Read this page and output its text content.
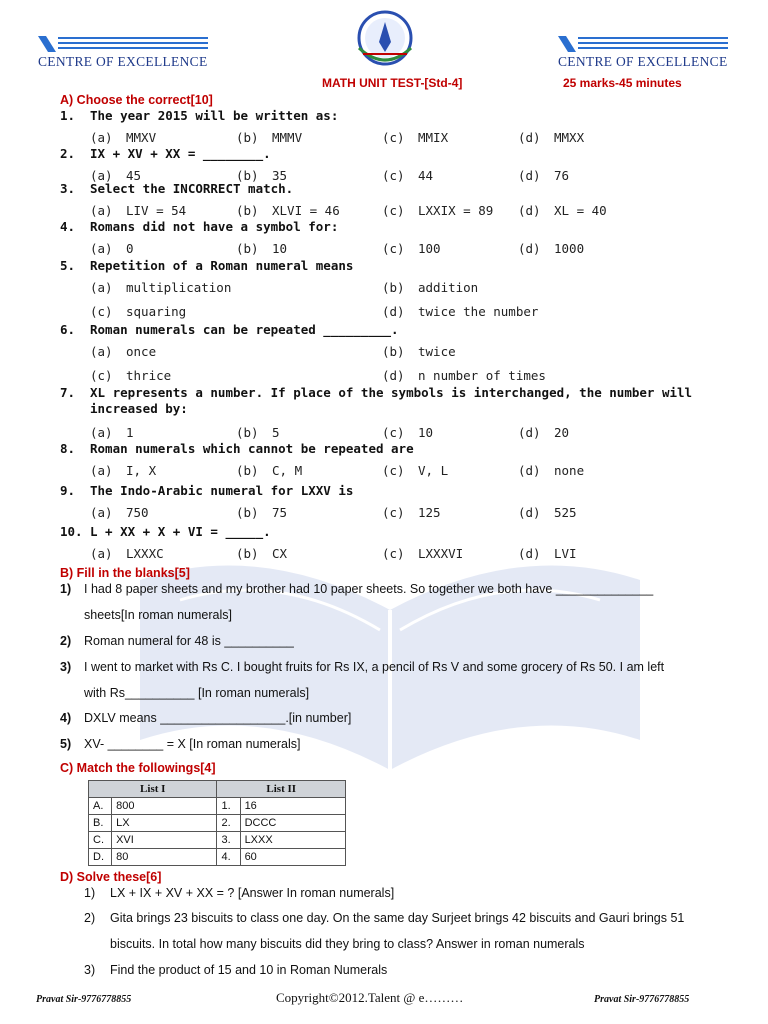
CENTRE OF EXCELLENCE	CENTRE OF EXCELLENCE
MATH UNIT TEST-[Std-4]	25 marks-45 minutes
A) Choose the correct[10]
1. The year 2015 will be written as:
(a) MMXV	(b) MMMV	(c) MMIX	(d) MMXX
2. IX + XV + XX = ________.
(a) 45	(b) 35	(c) 44	(d) 76
3. Select the INCORRECT match.
(a) LIV = 54	(b) XLVI = 46	(c) LXXIX = 89 (d) XL = 40
4. Romans did not have a symbol for:
(a) 0	(b) 10	(c) 100	(d) 1000
5. Repetition of a Roman numeral means
(a) multiplication	(b) addition
(c) squaring	(d) twice the number
6. Roman numerals can be repeated _________.
(a) once	(b) twice
(c) thrice	(d) n number of times
7. XL represents a number. If place of the symbols is interchanged, the number will
increased by:
(a) 1	(b) 5	(c) 10	(d) 20
8. Roman numerals which cannot be repeated are
(a) I, X	(b) C, M	(c) V, L	(d) none
9. The Indo-Arabic numeral for LXXV is
(a) 750	(b) 75	(c) 125	(d) 525
10. L + XX + X + VI = _____.
(a) LXXXC	(b) CX	(c) LXXXVI	(d) LVI
B) Fill in the blanks[5]
1) I had 8 paper sheets and my brother had 10 paper sheets. So together we both have ______________
sheets[In roman numerals]
2) Roman numeral for 48 is __________
3) I went to market with Rs C. I bought fruits for Rs IX, a pencil of Rs V and some grocery of Rs 50. I am left
with Rs__________ [In roman numerals]
4) DXLV means __________________.[in number]
5) XV- ________ = X [In roman numerals]
C) Match the followings[4]
List I		List II	
A.	800	1.	16
B.	LX	2.	DCCC
C.	XVI	3.	LXXX
D.	80	4.	60
D) Solve these[6]
1) LX + IX + XV + XX = ? [Answer In roman numerals]
2) Gita brings 23 biscuits to class one day. On the same day Surjeet brings 42 biscuits and Gauri brings 51
biscuits. In total how many biscuits did they bring to class? Answer in roman numerals
3) Find the product of 15 and 10 in Roman Numerals
Pravat Sir-9776778855	Copyright©2012.Talent @ e………	Pravat Sir-9776778855
